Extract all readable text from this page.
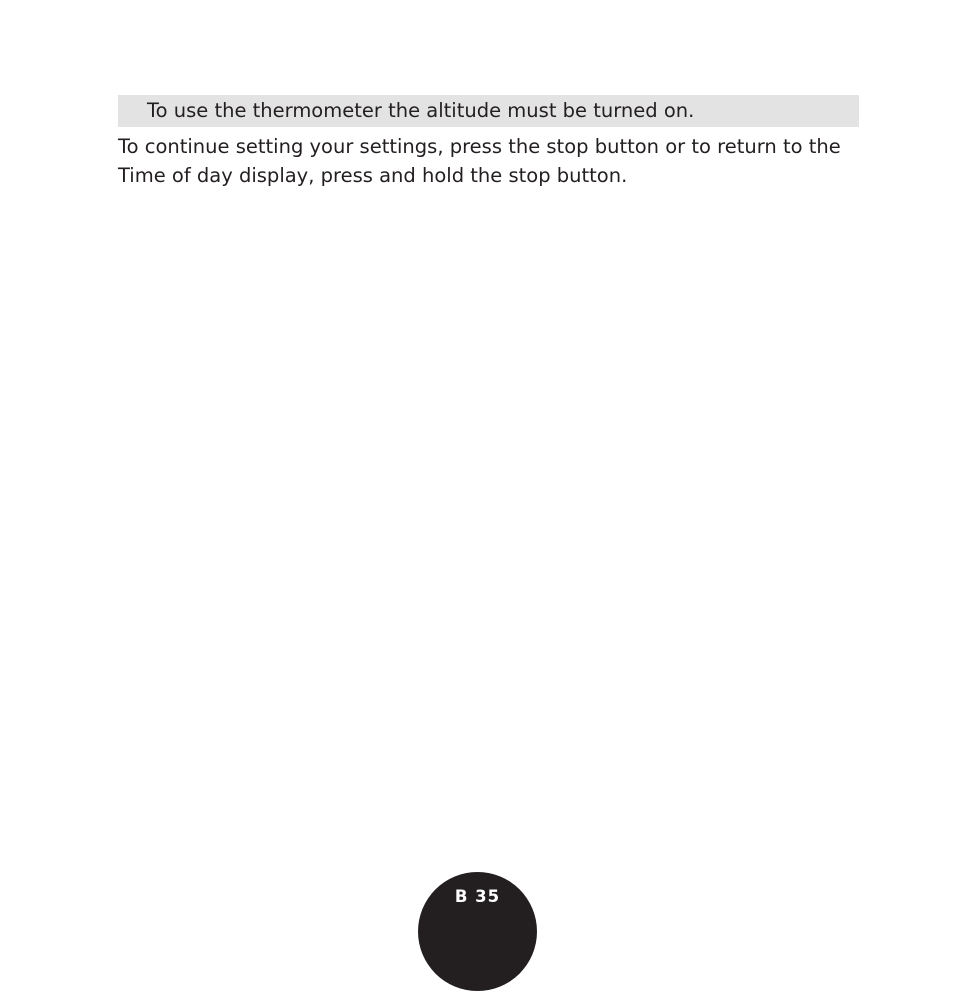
To use the thermometer the altitude must be turned on.

To continue setting your settings, press the stop button or to return to the Time of day display, press and hold the stop button.

B 35
